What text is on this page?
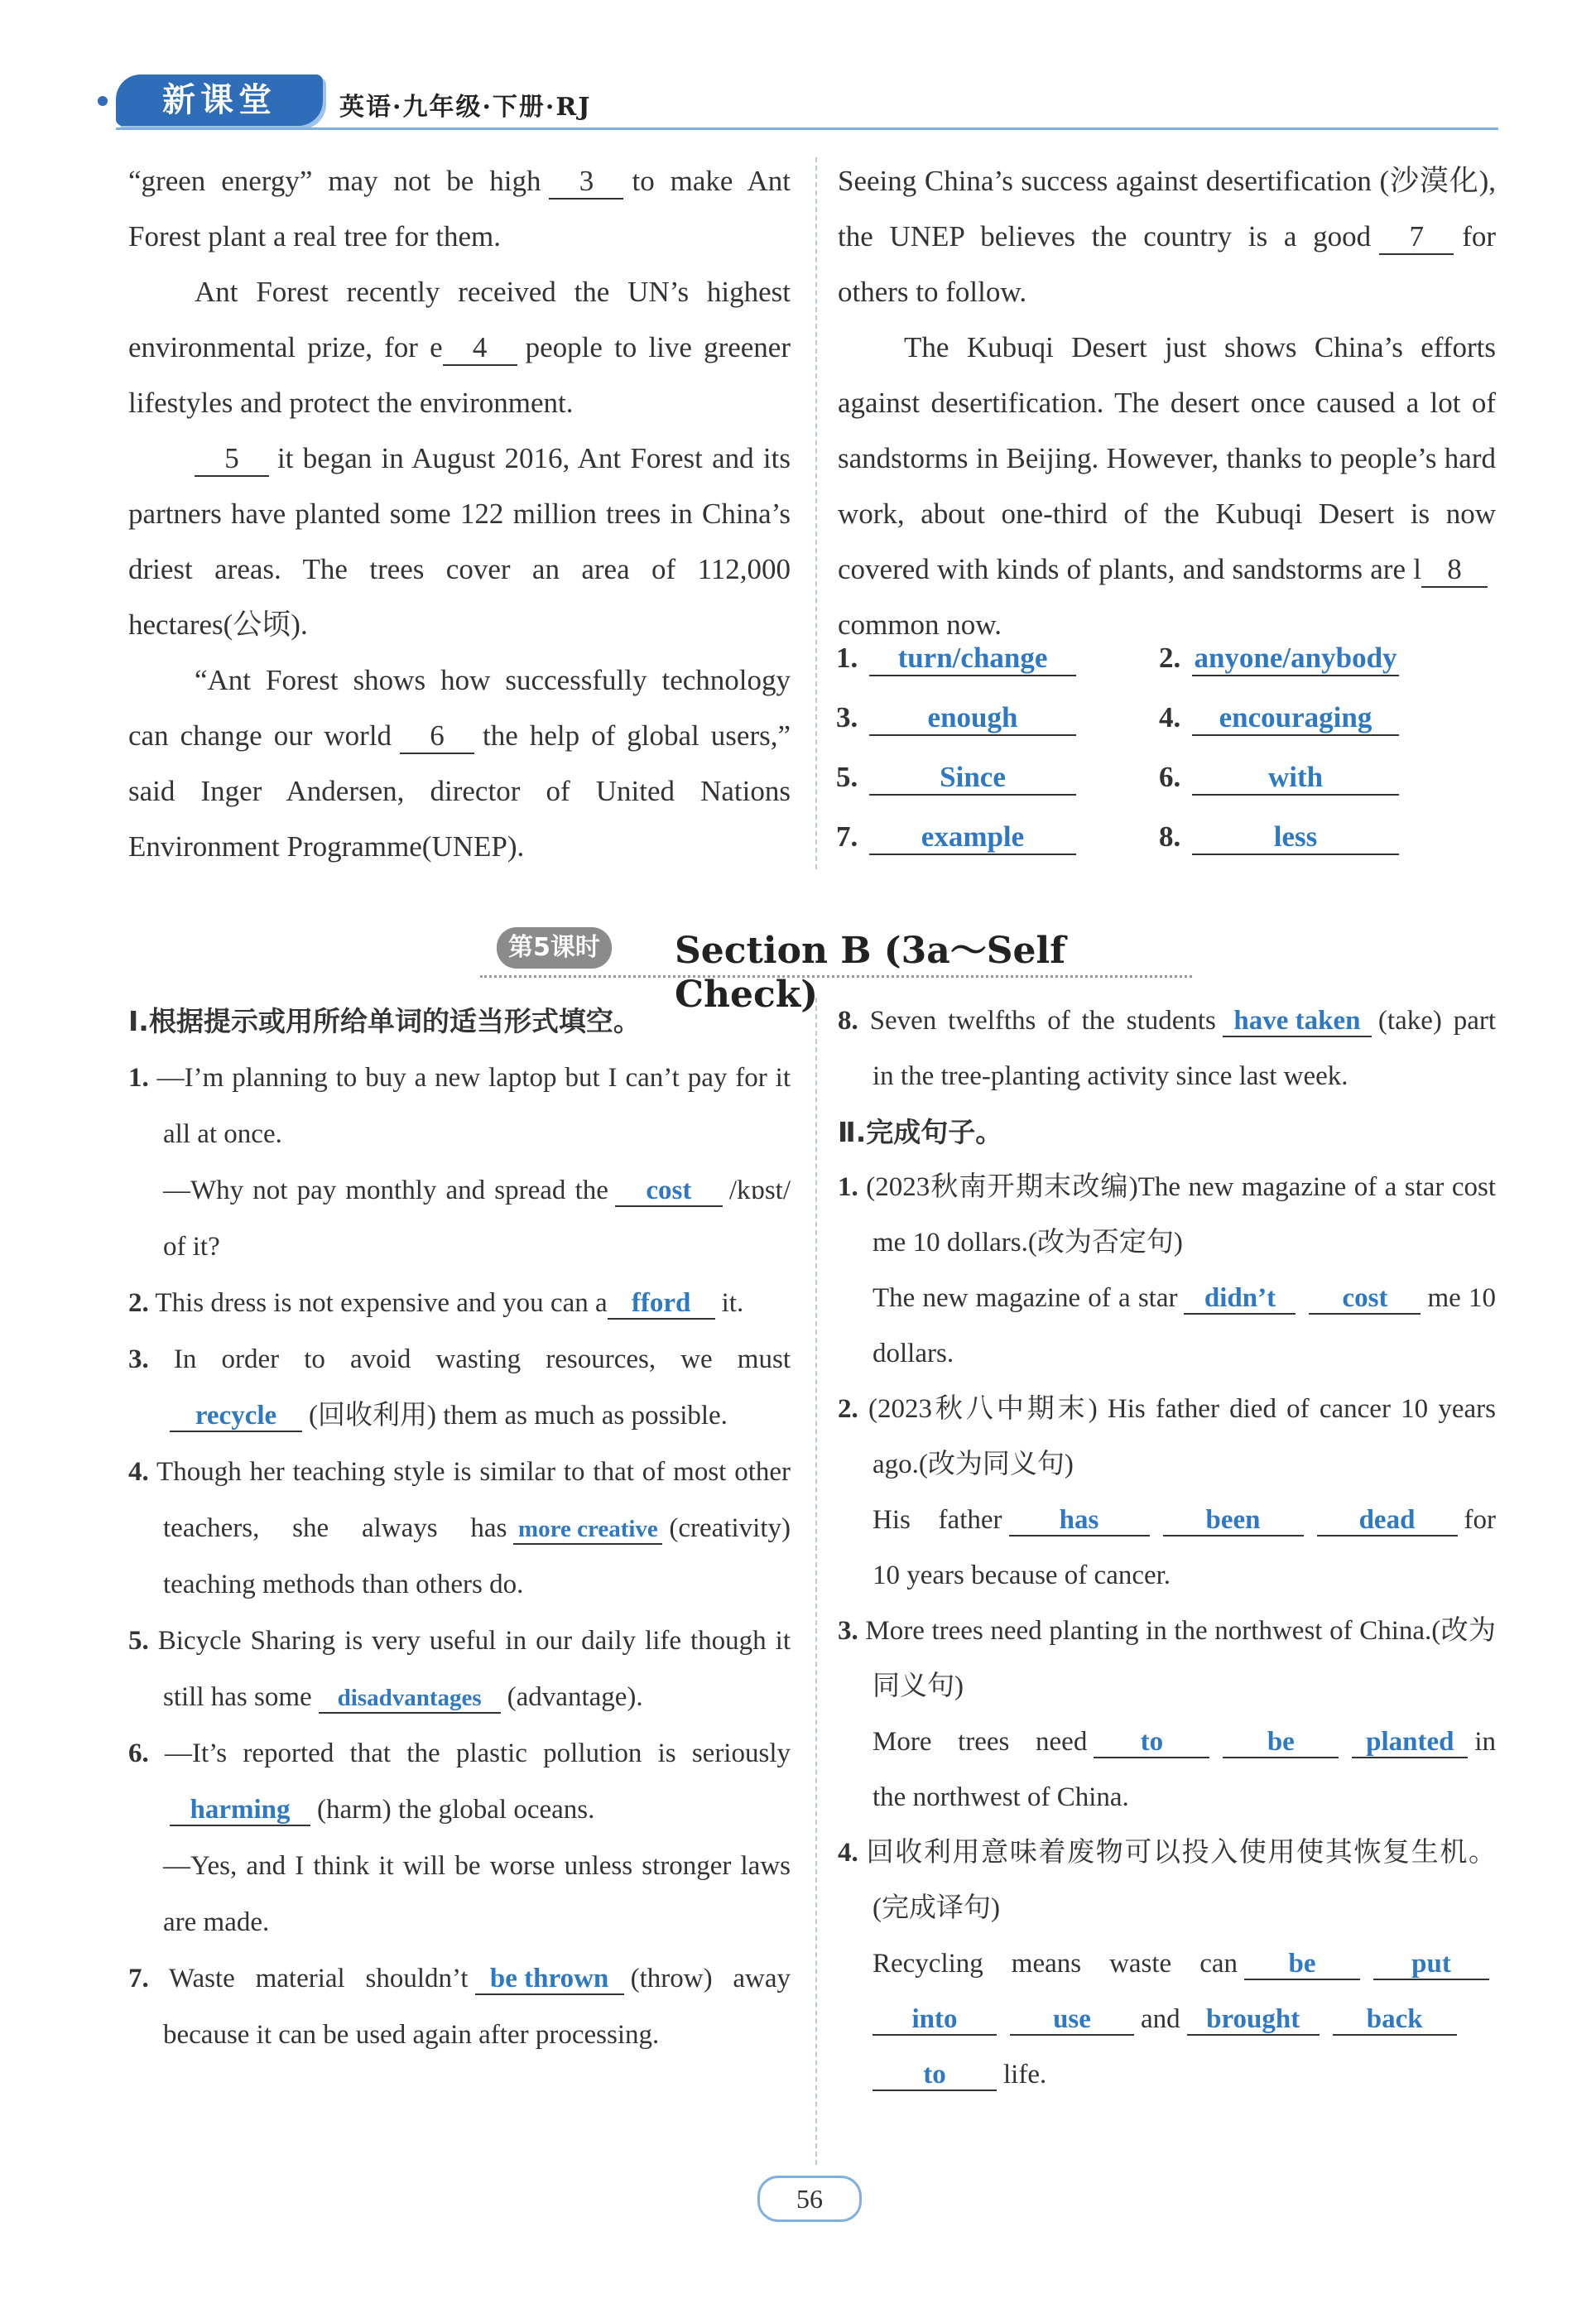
新课堂	英语·九年级·下册·RJ

“green energy” may not be high 3 to make Ant Forest plant a real tree for them.

Ant Forest recently received the UN’s highest environmental prize, for e 4 people to live greener lifestyles and protect the environment.

5 it began in August 2016, Ant Forest and its partners have planted some 122 million trees in China’s driest areas. The trees cover an area of 112,000 hectares(公顷).

“Ant Forest shows how successfully technology can change our world 6 the help of global users,” said Inger Andersen, director of United Nations Environment Programme(UNEP).

Seeing China’s success against desertification (沙漠化), the UNEP believes the country is a good 7 for others to follow.

The Kubuqi Desert just shows China’s efforts against desertification. The desert once caused a lot of sandstorms in Beijing. However, thanks to people’s hard work, about one-third of the Kubuqi Desert is now covered with kinds of plants, and sandstorms are l 8common now.

1. turn/change	2. anyone/anybody
3. enough	4. encouraging
5.	Since	6.	with
7. example	8.	less
第5课时	Section B (3a～Self Check)

Ⅰ.根据提示或用所给单词的适当形式填空。

1. —I’m planning to buy a new laptop but I can’t pay for it all at once.

—Why not pay monthly and spread the cost /kɒst/ of it?

2. This dress is not expensive and you can a fford it.

3. In order to avoid wasting resources, we mustrecycle (回收利用) them as much as possible.

4. Though her teaching style is similar to that of most other teachers, she always has more creative (creativity) teaching methods than others do.

5. Bicycle Sharing is very useful in our daily life though it still has some disadvantages (advantage).

6. —It’s reported that the plastic pollution is seriouslyharming (harm) the global oceans.

—Yes, and I think it will be worse unless stronger laws are made.

7. Waste material shouldn’t be thrown (throw) away because it can be used again after processing.

8. Seven twelfths of the students have taken (take) part in the tree-planting activity since last week.

Ⅱ.完成句子。

1. (2023秋南开期末改编)The new magazine of a star cost me 10 dollars.(改为否定句)

The new magazine of a star didn’t cost me 10 dollars.

2. (2023秋八中期末) His father died of cancer 10 years ago.(改为同义句)

His father has	been	dead for 10 years because of cancer.

3. More trees need planting in the northwest of China.(改为同义句)

More trees need to	be	planted in the northwest of China.

4. 回收利用意味着废物可以投入使用使其恢复生机。(完成译句)

Recycling means waste can be	putinto	use and brought backto life.

56
